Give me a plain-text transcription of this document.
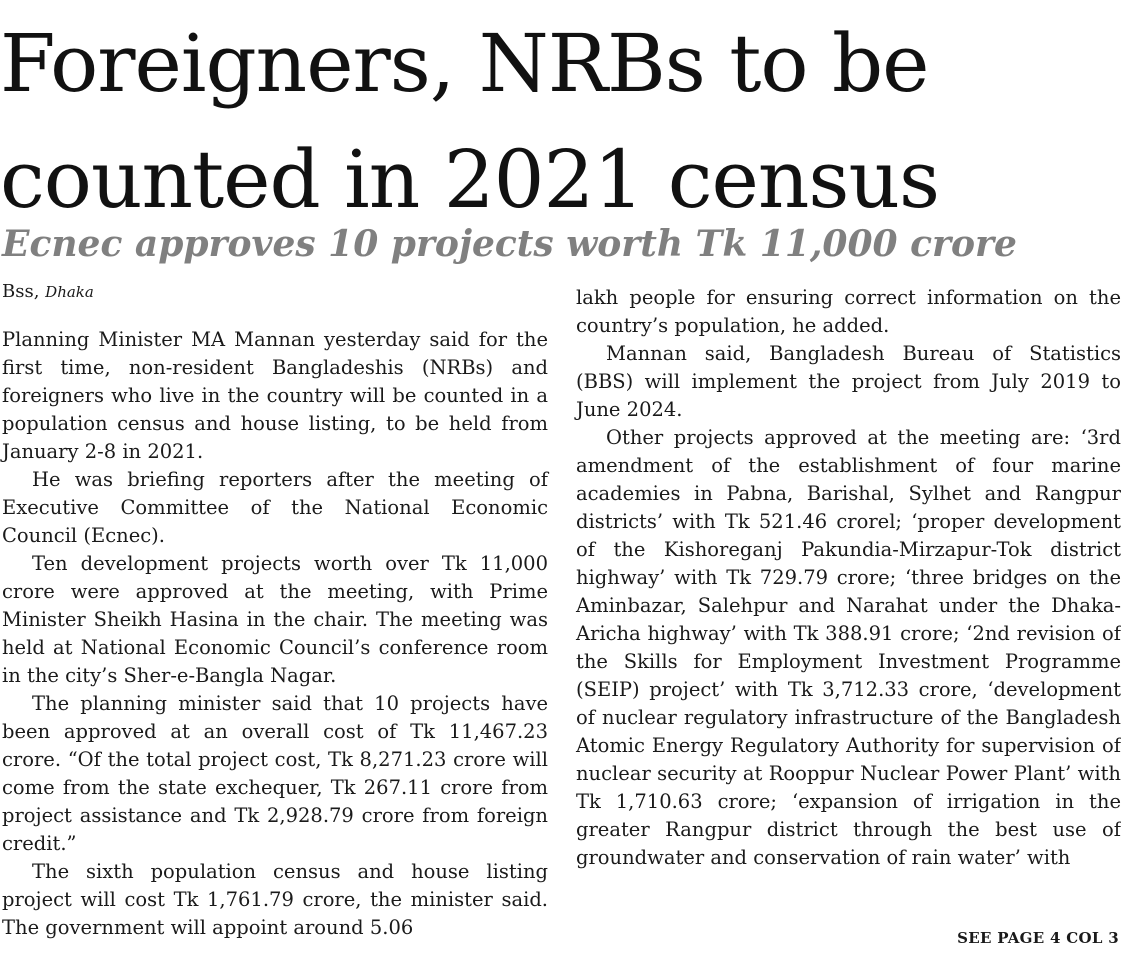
Foreigners, NRBs to be
counted in 2021 census
Ecnec approves 10 projects worth Tk 11,000 crore
Bss, Dhaka

Planning Minister MA Mannan yesterday said for the first time, non-resident Bangladeshis (NRBs) and foreigners who live in the country will be counted in a population census and house listing, to be held from January 2-8 in 2021.

He was briefing reporters after the meeting of Executive Committee of the National Economic Council (Ecnec).

Ten development projects worth over Tk 11,000 crore were approved at the meeting, with Prime Minister Sheikh Hasina in the chair. The meeting was held at National Economic Council’s conference room in the city’s Sher-e-Bangla Nagar.

The planning minister said that 10 projects have been approved at an overall cost of Tk 11,467.23 crore. “Of the total project cost, Tk 8,271.23 crore will come from the state exchequer, Tk 267.11 crore from project assistance and Tk 2,928.79 crore from foreign credit.”

The sixth population census and house listing project will cost Tk 1,761.79 crore, the minister said. The government will appoint around 5.06

lakh people for ensuring correct information on the country’s population, he added.

Mannan said, Bangladesh Bureau of Statistics (BBS) will implement the project from July 2019 to June 2024.

Other projects approved at the meeting are: ‘3rd amendment of the establishment of four marine academies in Pabna, Barishal, Sylhet and Rangpur districts’ with Tk 521.46 crorel; ‘proper development of the Kishoreganj Pakundia-Mirzapur-Tok district highway’ with Tk 729.79 crore; ‘three bridges on the Aminbazar, Salehpur and Narahat under the Dhaka-Aricha highway’ with Tk 388.91 crore; ‘2nd revision of the Skills for Employment Investment Programme (SEIP) project’ with Tk 3,712.33 crore, ‘development of nuclear regulatory infrastructure of the Bangladesh Atomic Energy Regulatory Authority for supervision of nuclear security at Rooppur Nuclear Power Plant’ with Tk 1,710.63 crore; ‘expansion of irrigation in the greater Rangpur district through the best use of groundwater and conservation of rain water’ with

SEE PAGE 4 COL 3
